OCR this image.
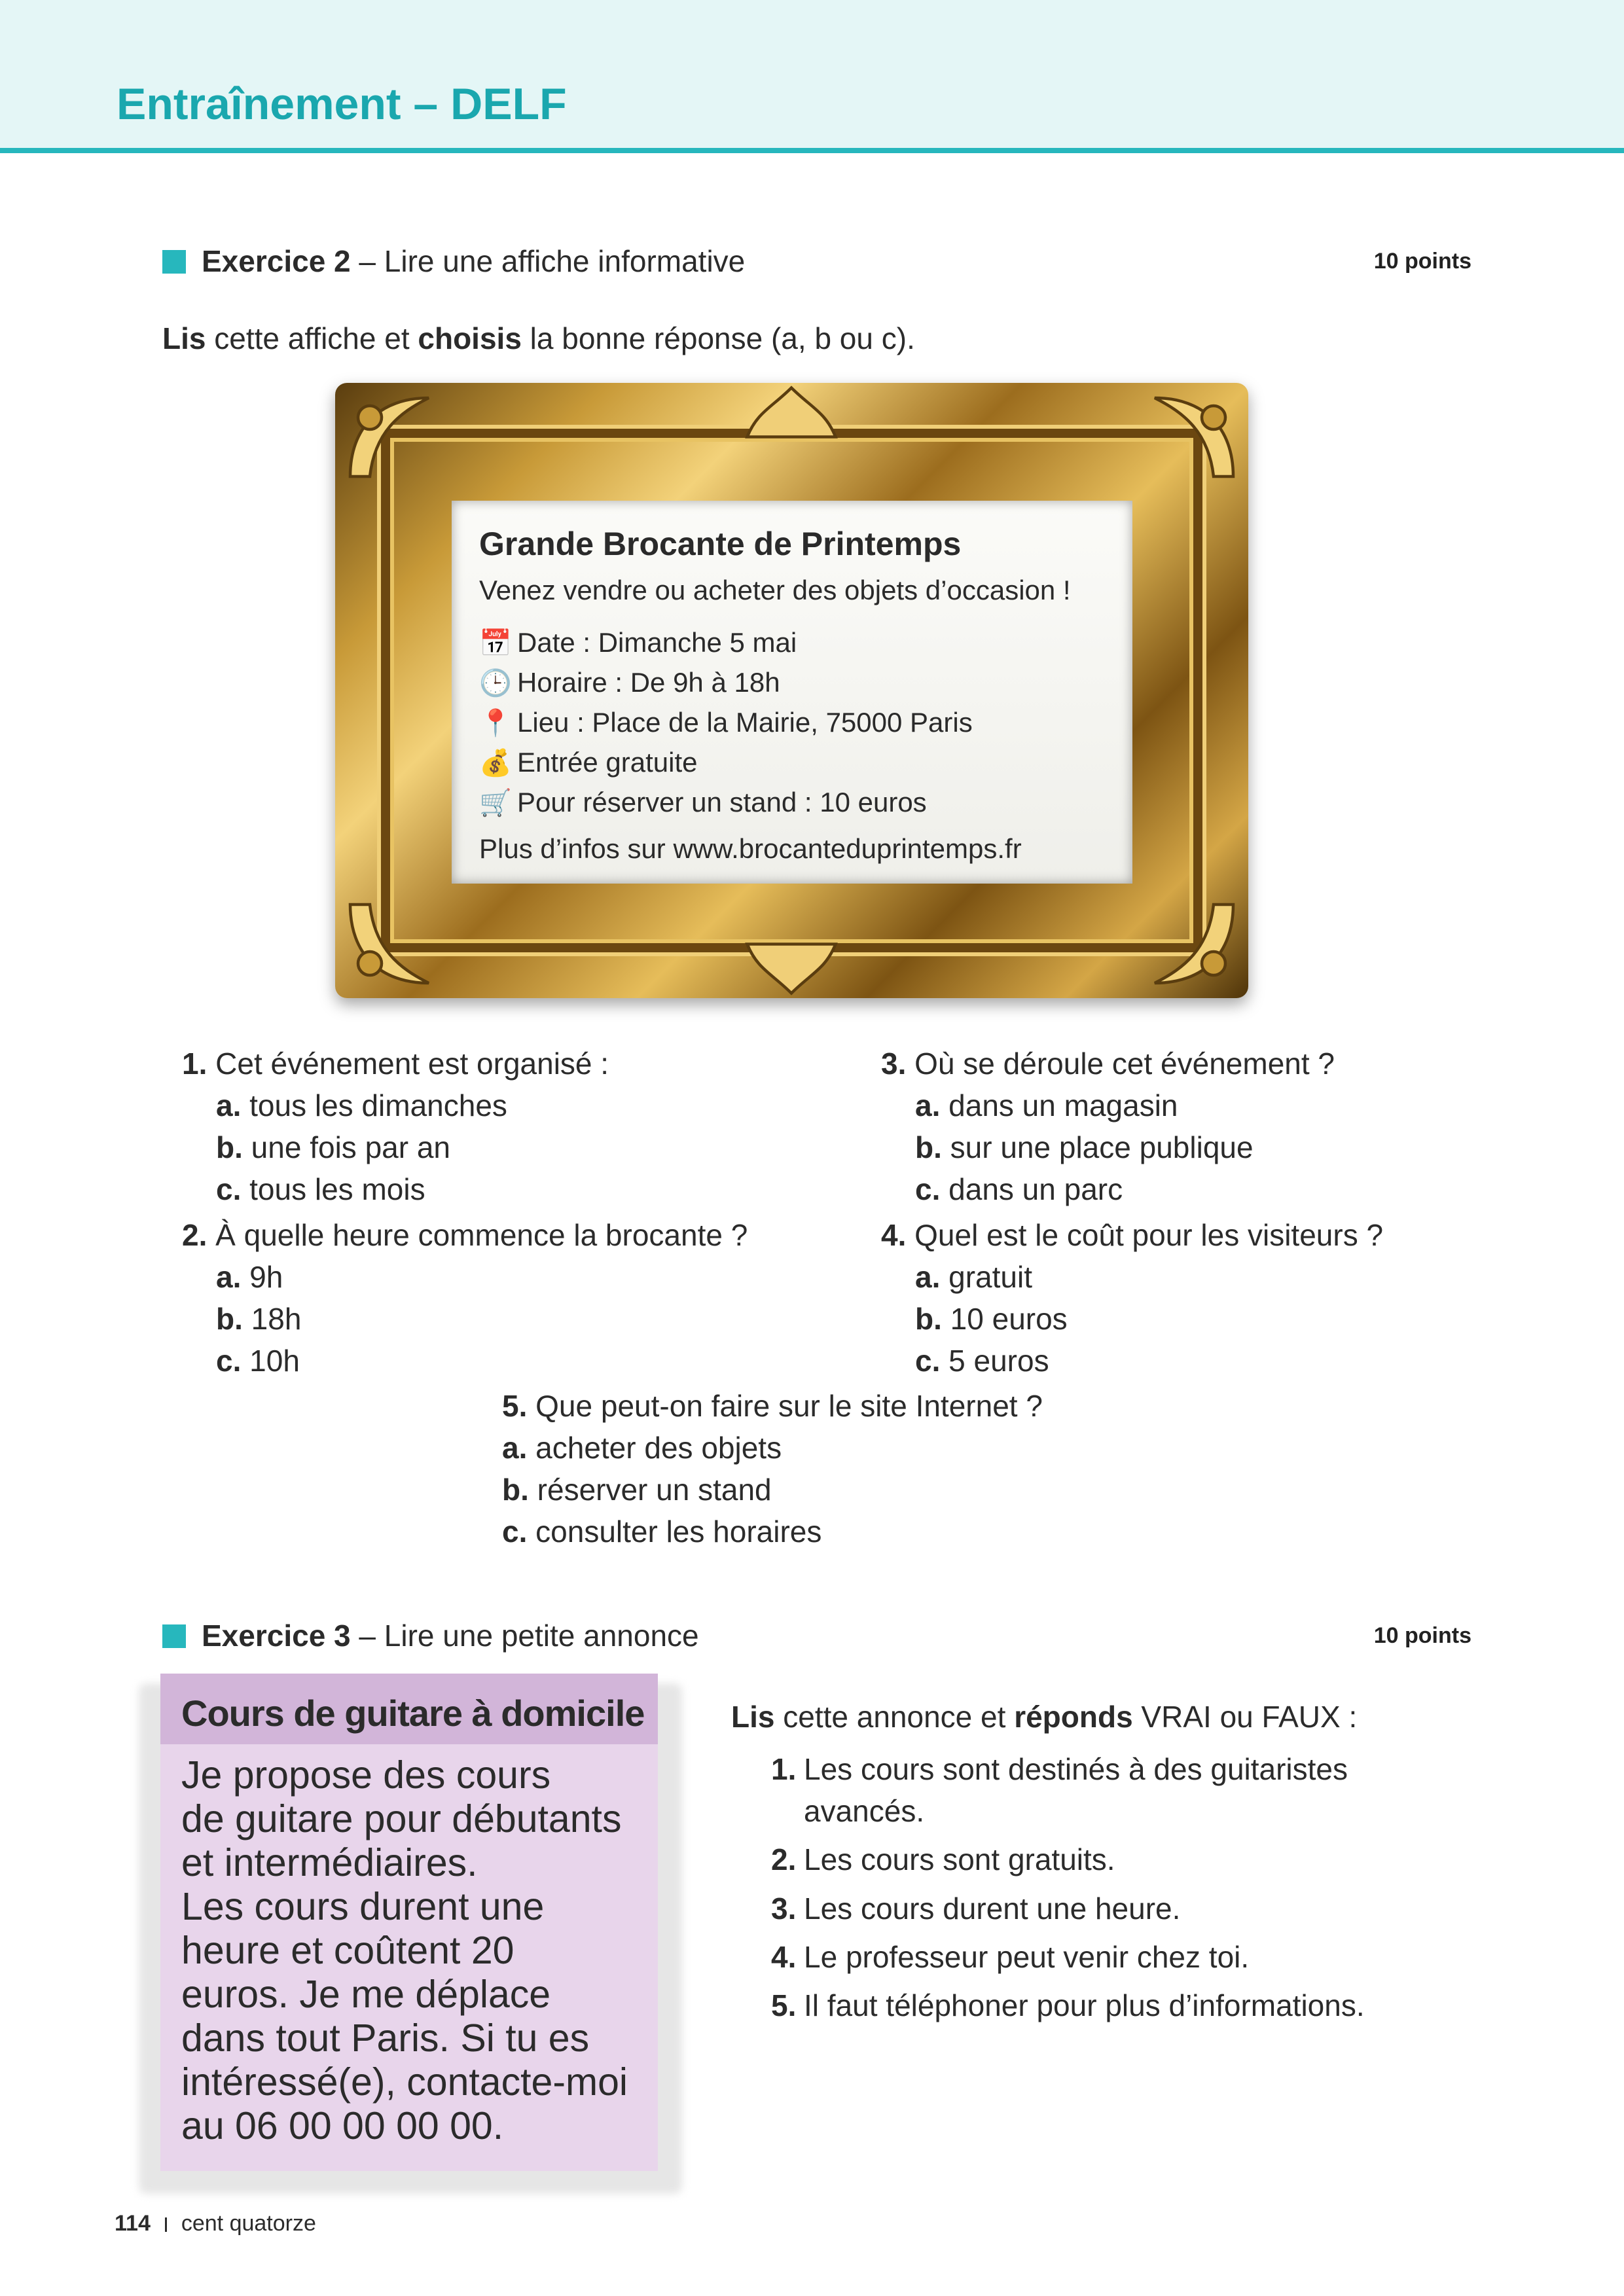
Entraînement – DELF
Exercice 2 – Lire une affiche informative	10 points
Lis cette affiche et choisis la bonne réponse (a, b ou c).
Grande Brocante de Printemps
Venez vendre ou acheter des objets d’occasion !
📅 Date : Dimanche 5 mai
🕒 Horaire : De 9h à 18h
📍 Lieu : Place de la Mairie, 75000 Paris
💰 Entrée gratuite
🛒 Pour réserver un stand : 10 euros
Plus d’infos sur www.brocanteduprintemps.fr
1. Cet événement est organisé :
a. tous les dimanches
b. une fois par an
c. tous les mois
2. À quelle heure commence la brocante ?
a. 9h
b. 18h
c. 10h
3. Où se déroule cet événement ?
a. dans un magasin
b. sur une place publique
c. dans un parc
4. Quel est le coût pour les visiteurs ?
a. gratuit
b. 10 euros
c. 5 euros
5. Que peut-on faire sur le site Internet ?
a. acheter des objets
b. réserver un stand
c. consulter les horaires
Exercice 3 – Lire une petite annonce	10 points
Cours de guitare à domicile
Je propose des cours
de guitare pour débutants
et intermédiaires.
Les cours durent une
heure et coûtent 20
euros. Je me déplace
dans tout Paris. Si tu es
intéressé(e), contacte-moi
au 06 00 00 00 00.
Lis cette annonce et réponds VRAI ou FAUX :
1. Les cours sont destinés à des guitaristes
avancés.
2. Les cours sont gratuits.
3. Les cours durent une heure.
4. Le professeur peut venir chez toi.
5. Il faut téléphoner pour plus d’informations.
114 cent quatorze
